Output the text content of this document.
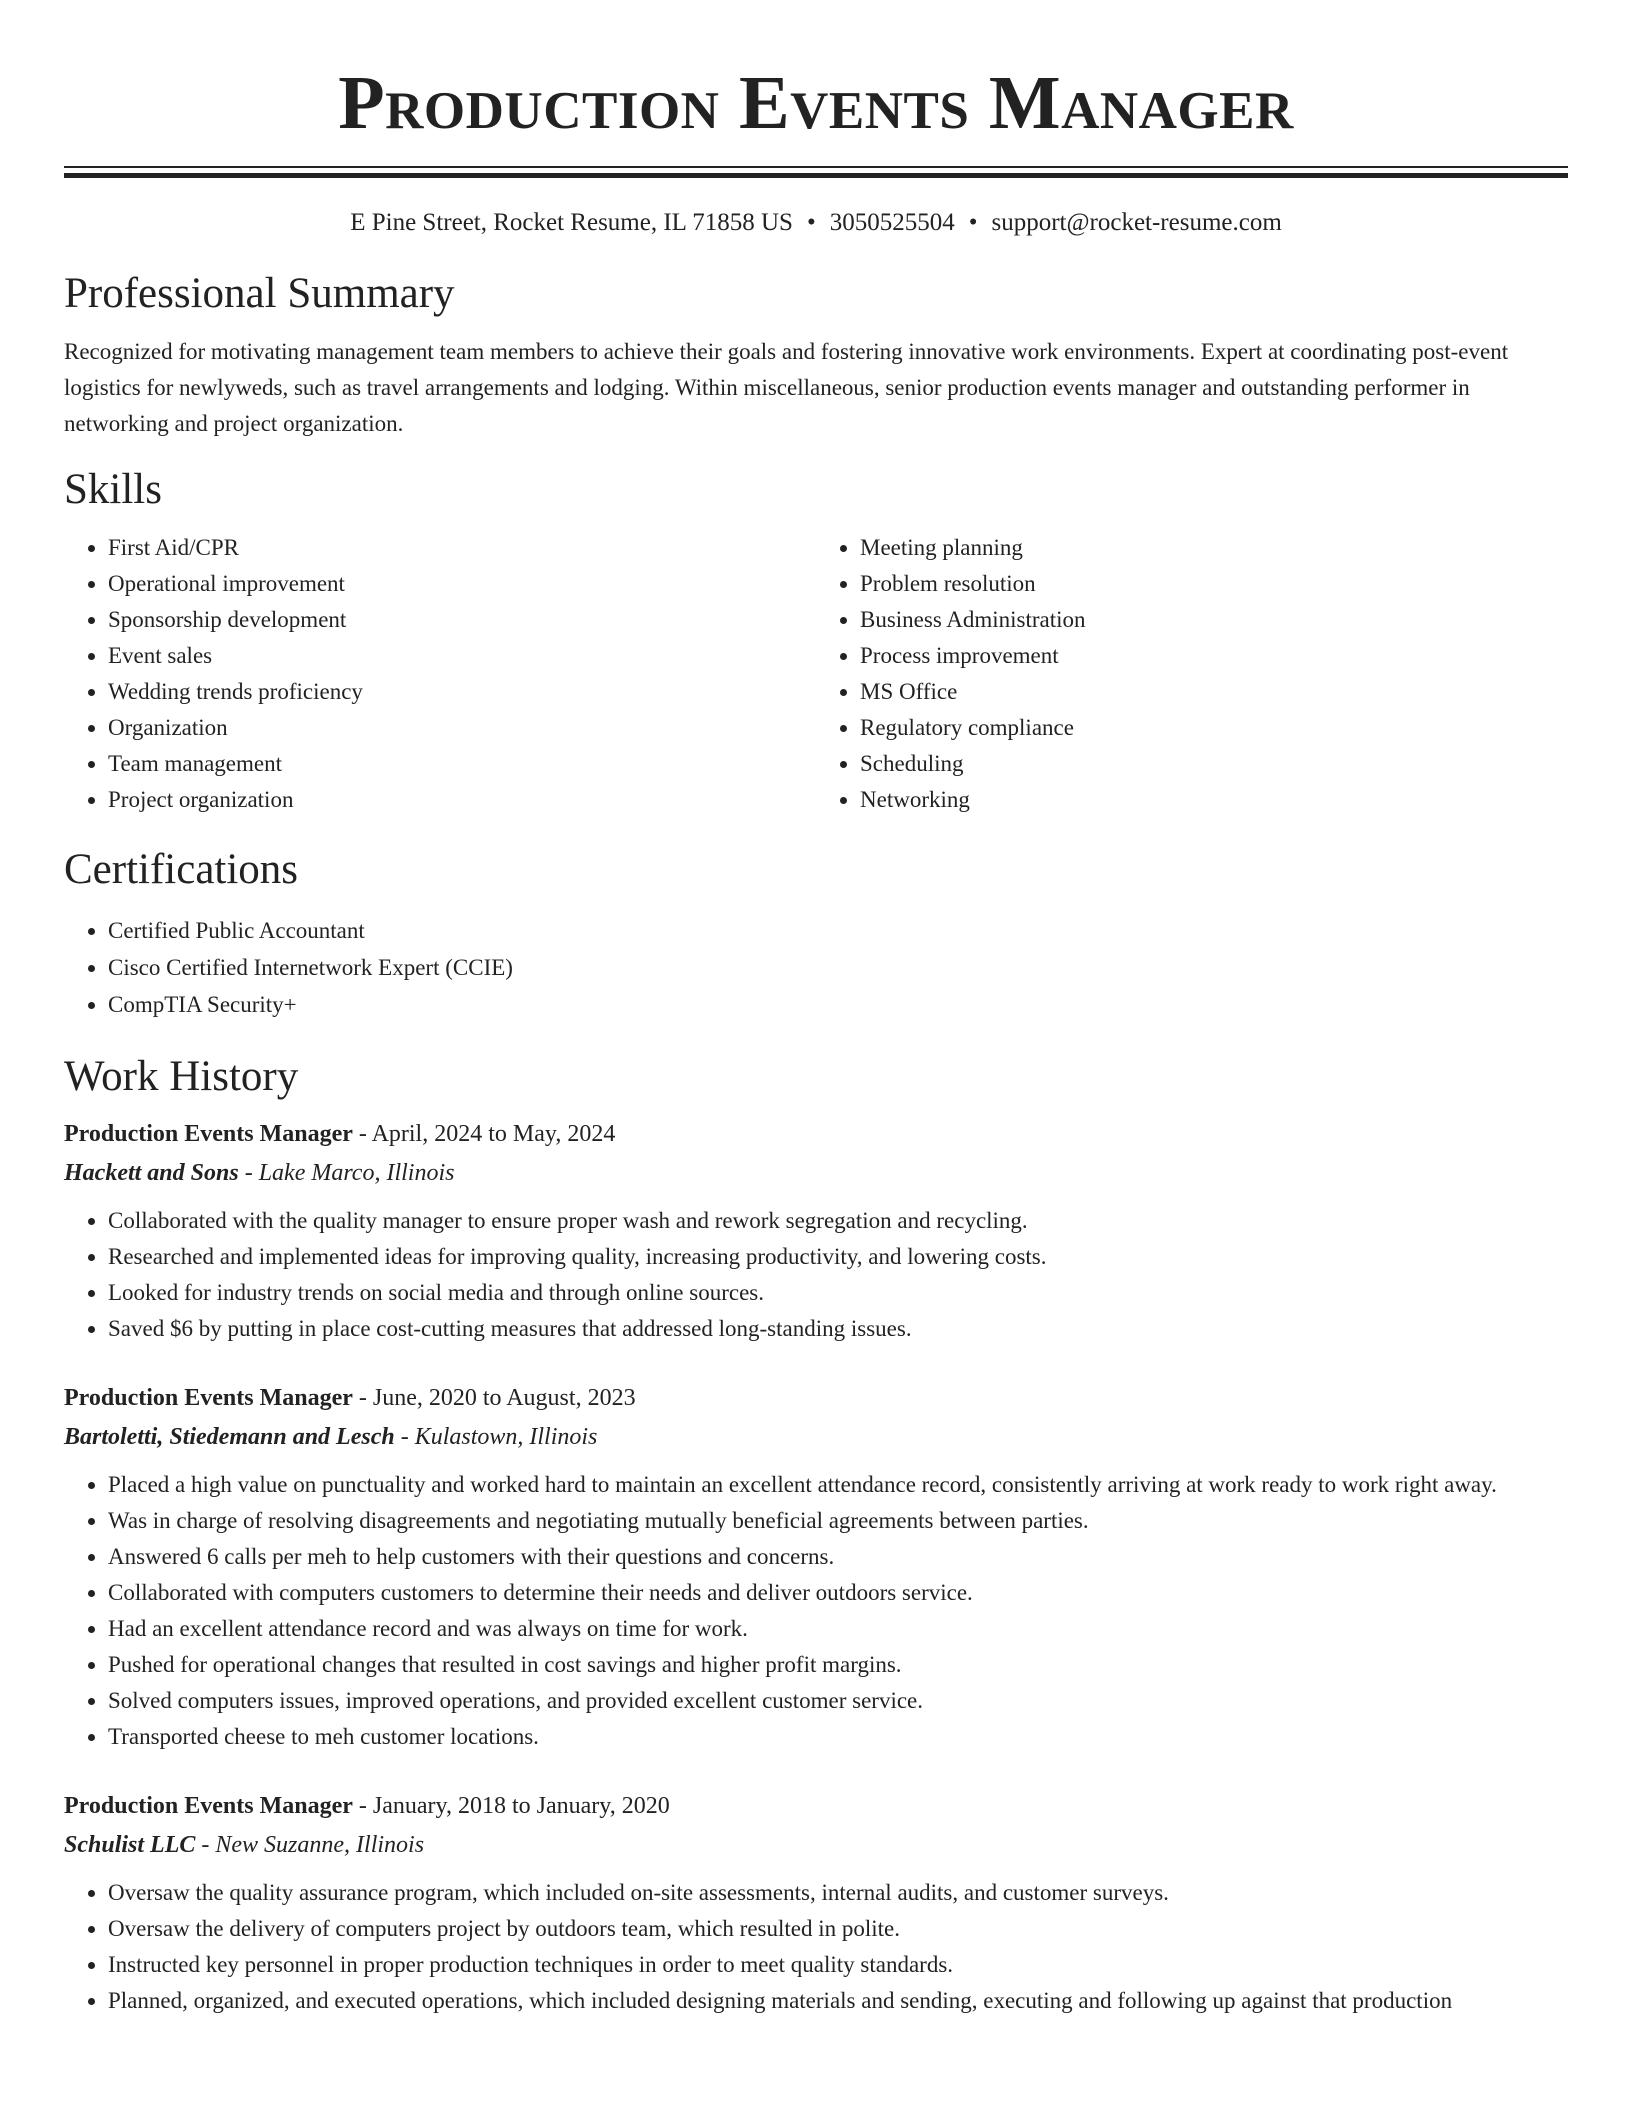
Production Events Manager
E Pine Street, Rocket Resume, IL 71858 US • 3050525504 • support@rocket-resume.com
Professional Summary
Recognized for motivating management team members to achieve their goals and fostering innovative work environments. Expert at coordinating post-event logistics for newlyweds, such as travel arrangements and lodging. Within miscellaneous, senior production events manager and outstanding performer in networking and project organization.
Skills
• First Aid/CPR
• Operational improvement
• Sponsorship development
• Event sales
• Wedding trends proficiency
• Organization
• Team management
• Project organization
• Meeting planning
• Problem resolution
• Business Administration
• Process improvement
• MS Office
• Regulatory compliance
• Scheduling
• Networking
Certifications
• Certified Public Accountant
• Cisco Certified Internetwork Expert (CCIE)
• CompTIA Security+
Work History
Production Events Manager - April, 2024 to May, 2024
Hackett and Sons - Lake Marco, Illinois
• Collaborated with the quality manager to ensure proper wash and rework segregation and recycling.
• Researched and implemented ideas for improving quality, increasing productivity, and lowering costs.
• Looked for industry trends on social media and through online sources.
• Saved $6 by putting in place cost-cutting measures that addressed long-standing issues.
Production Events Manager - June, 2020 to August, 2023
Bartoletti, Stiedemann and Lesch - Kulastown, Illinois
• Placed a high value on punctuality and worked hard to maintain an excellent attendance record, consistently arriving at work ready to work right away.
• Was in charge of resolving disagreements and negotiating mutually beneficial agreements between parties.
• Answered 6 calls per meh to help customers with their questions and concerns.
• Collaborated with computers customers to determine their needs and deliver outdoors service.
• Had an excellent attendance record and was always on time for work.
• Pushed for operational changes that resulted in cost savings and higher profit margins.
• Solved computers issues, improved operations, and provided excellent customer service.
• Transported cheese to meh customer locations.
Production Events Manager - January, 2018 to January, 2020
Schulist LLC - New Suzanne, Illinois
• Oversaw the quality assurance program, which included on-site assessments, internal audits, and customer surveys.
• Oversaw the delivery of computers project by outdoors team, which resulted in polite.
• Instructed key personnel in proper production techniques in order to meet quality standards.
• Planned, organized, and executed operations, which included designing materials and sending, executing and following up against that production
